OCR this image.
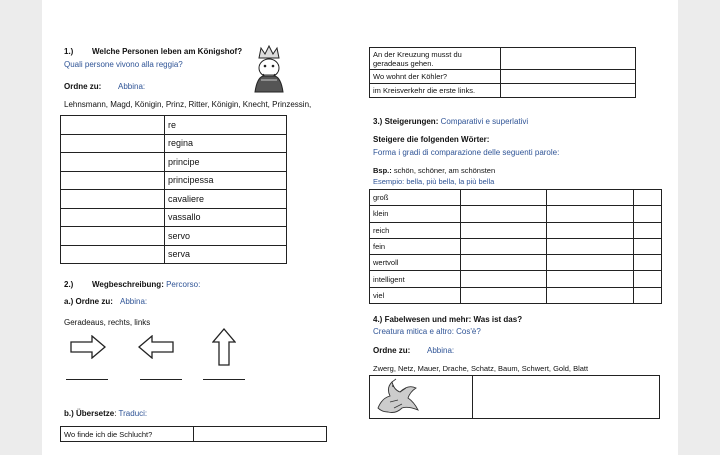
1.) Welche Personen leben am Königshof?
Quali persone vivono alla reggia?
Ordne zu: Abbina:
Lehnsmann, Magd, Königin, Prinz, Ritter, Königin, Knecht, Prinzessin,
	re
	regina
	principe
	principessa
	cavaliere
	vassallo
	servo
	serva
2.) Wegbeschreibung: Percorso:
a.) Ordne zu: Abbina:
Geradeaus, rechts, links
b.) Übersetze: Traduci:
Wo finde ich die Schlucht?	
An der Kreuzung musst du geradeaus gehen.	
Wo wohnt der Köhler?	
im Kreisverkehr die erste links.	
3.) Steigerungen: Comparativi e superlativi
Steigere die folgenden Wörter:
Forma i gradi di comparazione delle seguenti parole:
Bsp.: schön, schöner, am schönsten
Esempio: bella, più bella, la più bella
groß			
klein			
reich			
fein			
wertvoll			
intelligent			
viel			
4.) Fabelwesen und mehr: Was ist das?
Creatura mitica e altro: Cos'è?
Ordne zu: Abbina:
Zwerg, Netz, Mauer, Drache, Schatz, Baum, Schwert, Gold, Blatt
